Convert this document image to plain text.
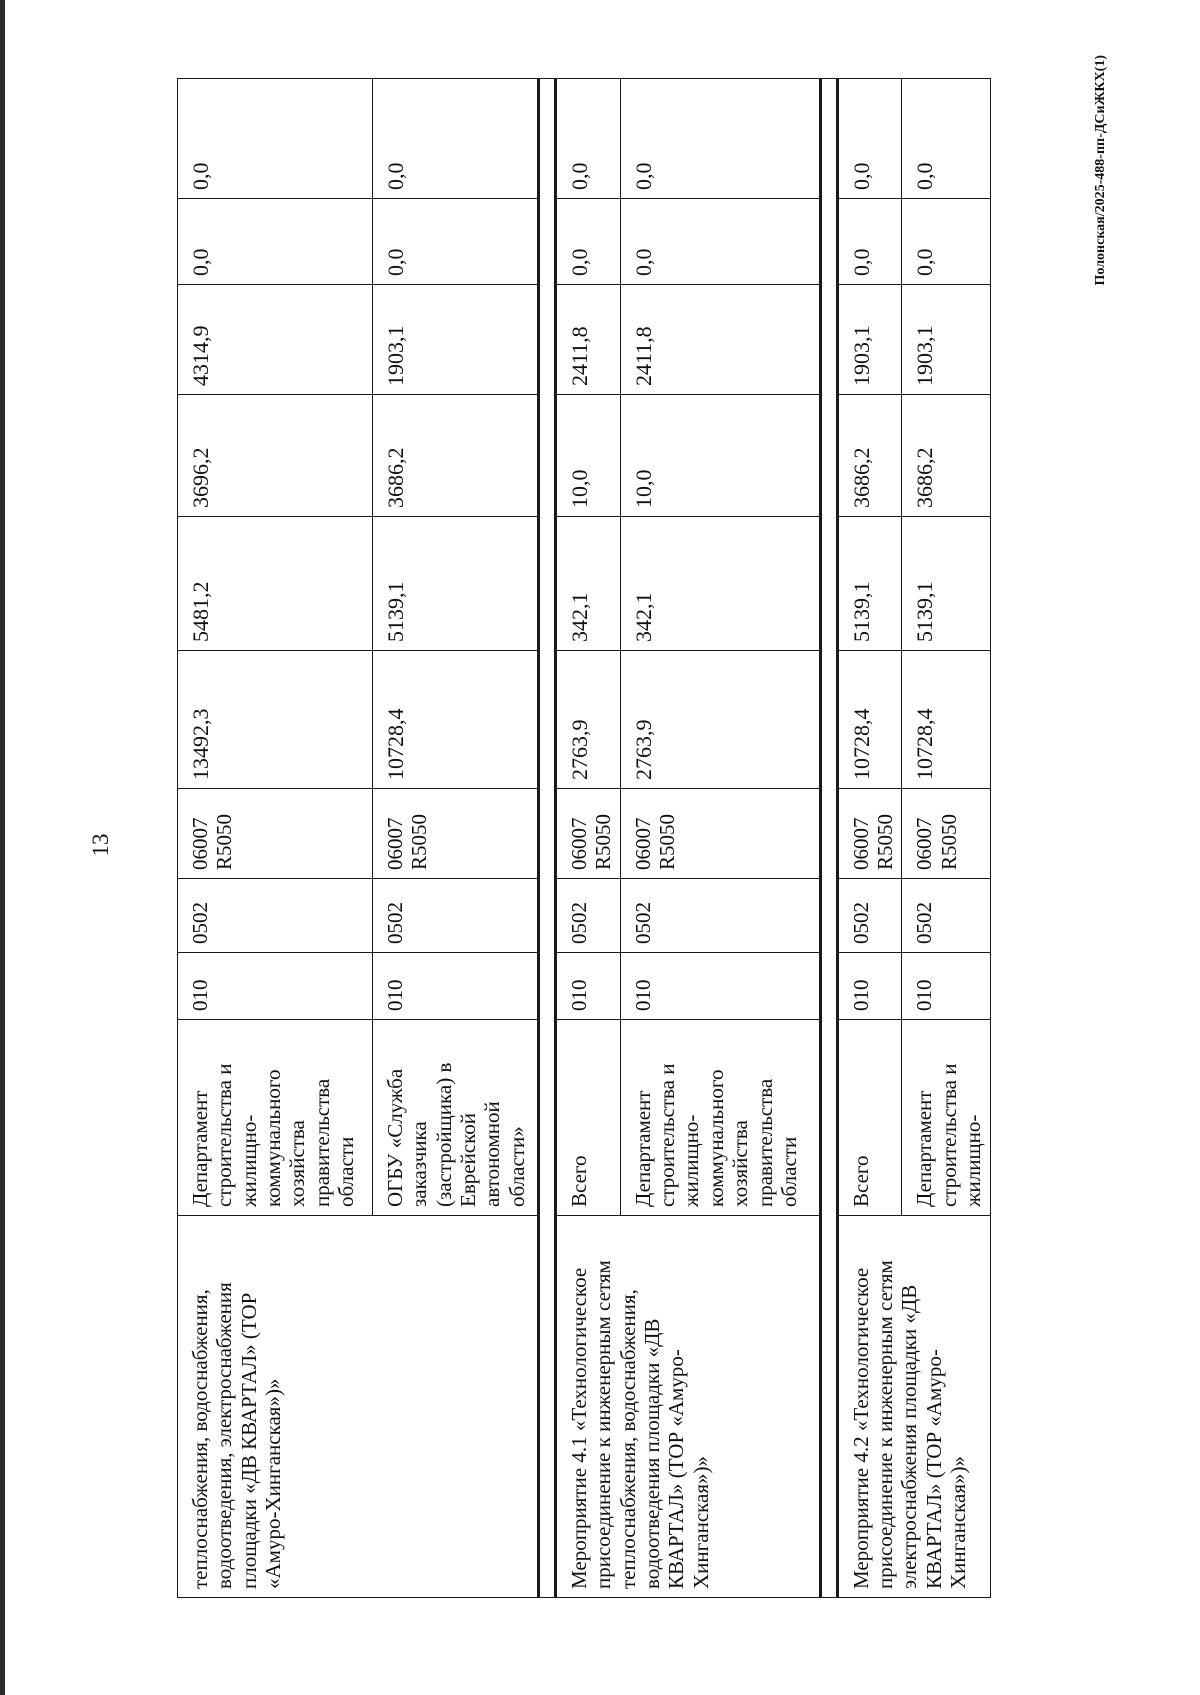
13
теплоснабжения, водоснабжения, водоотведения, электроснабжения площадки «ДВ КВАРТАЛ» (ТОР «Амуро-Хинганская»)»	Департамент строительства и жилищно-коммунального хозяйства правительства области	010	0502	06007 R5050	13492,3	5481,2	3696,2	4314,9	0,0	0,0
	ОГБУ «Служба заказчика (застройщика) в Еврейской автономной области»	010	0502	06007 R5050	10728,4	5139,1	3686,2	1903,1	0,0	0,0

Мероприятие 4.1 «Технологическое присоединение к инженерным сетям теплоснабжения, водоснабжения, водоотведения площадки «ДВ КВАРТАЛ» (ТОР «Амуро-Хинганская»)»	Всего	010	0502	06007 R5050	2763,9	342,1	10,0	2411,8	0,0	0,0
	Департамент строительства и жилищно-коммунального хозяйства правительства области	010	0502	06007 R5050	2763,9	342,1	10,0	2411,8	0,0	0,0

Мероприятие 4.2 «Технологическое присоединение к инженерным сетям электроснабжения площадки «ДВ КВАРТАЛ» (ТОР «Амуро-Хинганская»)»	Всего	010	0502	06007 R5050	10728,4	5139,1	3686,2	1903,1	0,0	0,0
	Департамент строительства и жилищно-	010	0502	06007 R5050	10728,4	5139,1	3686,2	1903,1	0,0	0,0	Полонская/2025-488-пп-ДСиЖКХ(1)
